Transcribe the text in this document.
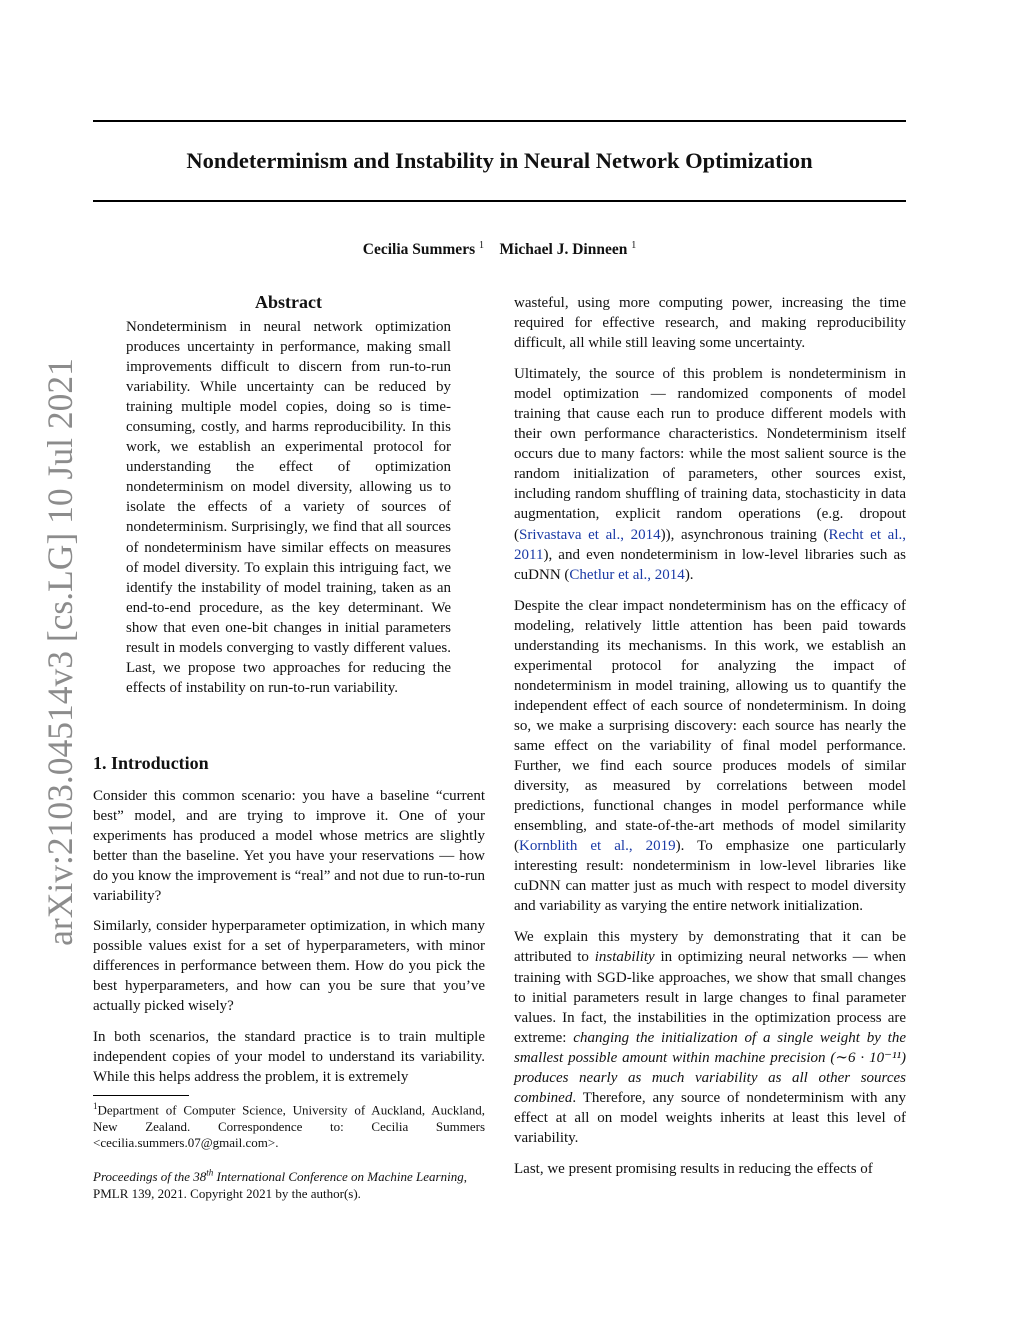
Nondeterminism and Instability in Neural Network Optimization
Cecilia Summers $^1$ Michael J. Dinneen $^1$
arXiv:2103.04514v3 [cs.LG] 10 Jul 2021
Abstract

Nondeterminism in neural network optimization produces uncertainty in performance, making small improvements difficult to discern from run-to-run variability. While uncertainty can be reduced by training multiple model copies, doing so is time-consuming, costly, and harms reproducibility. In this work, we establish an experimental protocol for understanding the effect of optimization nondeterminism on model diversity, allowing us to isolate the effects of a variety of sources of nondeterminism. Surprisingly, we find that all sources of nondeterminism have similar effects on measures of model diversity. To explain this intriguing fact, we identify the instability of model training, taken as an end-to-end procedure, as the key determinant. We show that even one-bit changes in initial parameters result in models converging to vastly different values. Last, we propose two approaches for reducing the effects of instability on run-to-run variability.

1. Introduction

Consider this common scenario: you have a baseline “current best” model, and are trying to improve it. One of your experiments has produced a model whose metrics are slightly better than the baseline. Yet you have your reservations — how do you know the improvement is “real” and not due to run-to-run variability?

Similarly, consider hyperparameter optimization, in which many possible values exist for a set of hyperparameters, with minor differences in performance between them. How do you pick the best hyperparameters, and how can you be sure that you’ve actually picked wisely?

In both scenarios, the standard practice is to train multiple independent copies of your model to understand its variability. While this helps address the problem, it is extremely

$^1$Department of Computer Science, University of Auckland, Auckland, New Zealand. Correspondence to: Cecilia Summers <cecilia.summers.07@gmail.com>.

Proceedings of the 38th International Conference on Machine Learning, PMLR 139, 2021. Copyright 2021 by the author(s).

wasteful, using more computing power, increasing the time required for effective research, and making reproducibility difficult, all while still leaving some uncertainty.

Ultimately, the source of this problem is nondeterminism in model optimization — randomized components of model training that cause each run to produce different models with their own performance characteristics. Nondeterminism itself occurs due to many factors: while the most salient source is the random initialization of parameters, other sources exist, including random shuffling of training data, stochasticity in data augmentation, explicit random operations (e.g. dropout (Srivastava et al., 2014)), asynchronous training (Recht et al., 2011), and even nondeterminism in low-level libraries such as cuDNN (Chetlur et al., 2014).

Despite the clear impact nondeterminism has on the efficacy of modeling, relatively little attention has been paid towards understanding its mechanisms. In this work, we establish an experimental protocol for analyzing the impact of nondeterminism in model training, allowing us to quantify the independent effect of each source of nondeterminism. In doing so, we make a surprising discovery: each source has nearly the same effect on the variability of final model performance. Further, we find each source produces models of similar diversity, as measured by correlations between model predictions, functional changes in model performance while ensembling, and state-of-the-art methods of model similarity (Kornblith et al., 2019). To emphasize one particularly interesting result: nondeterminism in low-level libraries like cuDNN can matter just as much with respect to model diversity and variability as varying the entire network initialization.

We explain this mystery by demonstrating that it can be attributed to instability in optimizing neural networks — when training with SGD-like approaches, we show that small changes to initial parameters result in large changes to final parameter values. In fact, the instabilities in the optimization process are extreme: changing the initialization of a single weight by the smallest possible amount within machine precision (∼6 · 10⁻¹¹) produces nearly as much variability as all other sources combined. Therefore, any source of nondeterminism with any effect at all on model weights inherits at least this level of variability.

Last, we present promising results in reducing the effects of
